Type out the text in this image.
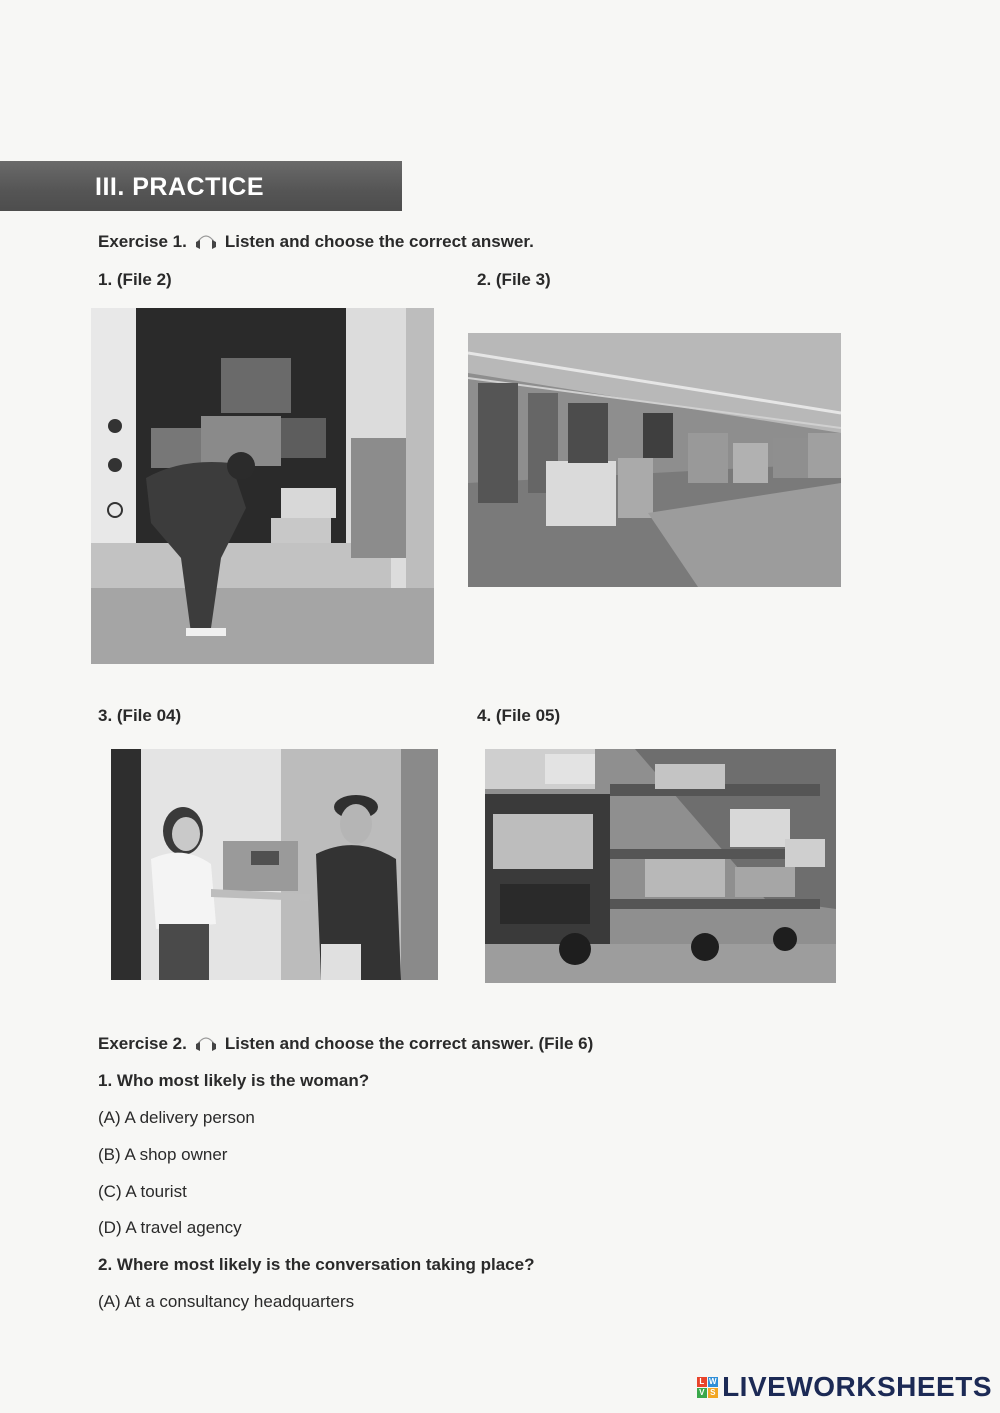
III. PRACTICE
Exercise 1. Listen and choose the correct answer.
1. (File 2)	2. (File 3)
3. (File 04)	4. (File 05)
Exercise 2. Listen and choose the correct answer. (File 6)
1. Who most likely is the woman?
(A) A delivery person
(B) A shop owner
(C) A tourist
(D) A travel agency
2. Where most likely is the conversation taking place?
(A) At a consultancy headquarters
L W
V S LIVEWORKSHEETS
